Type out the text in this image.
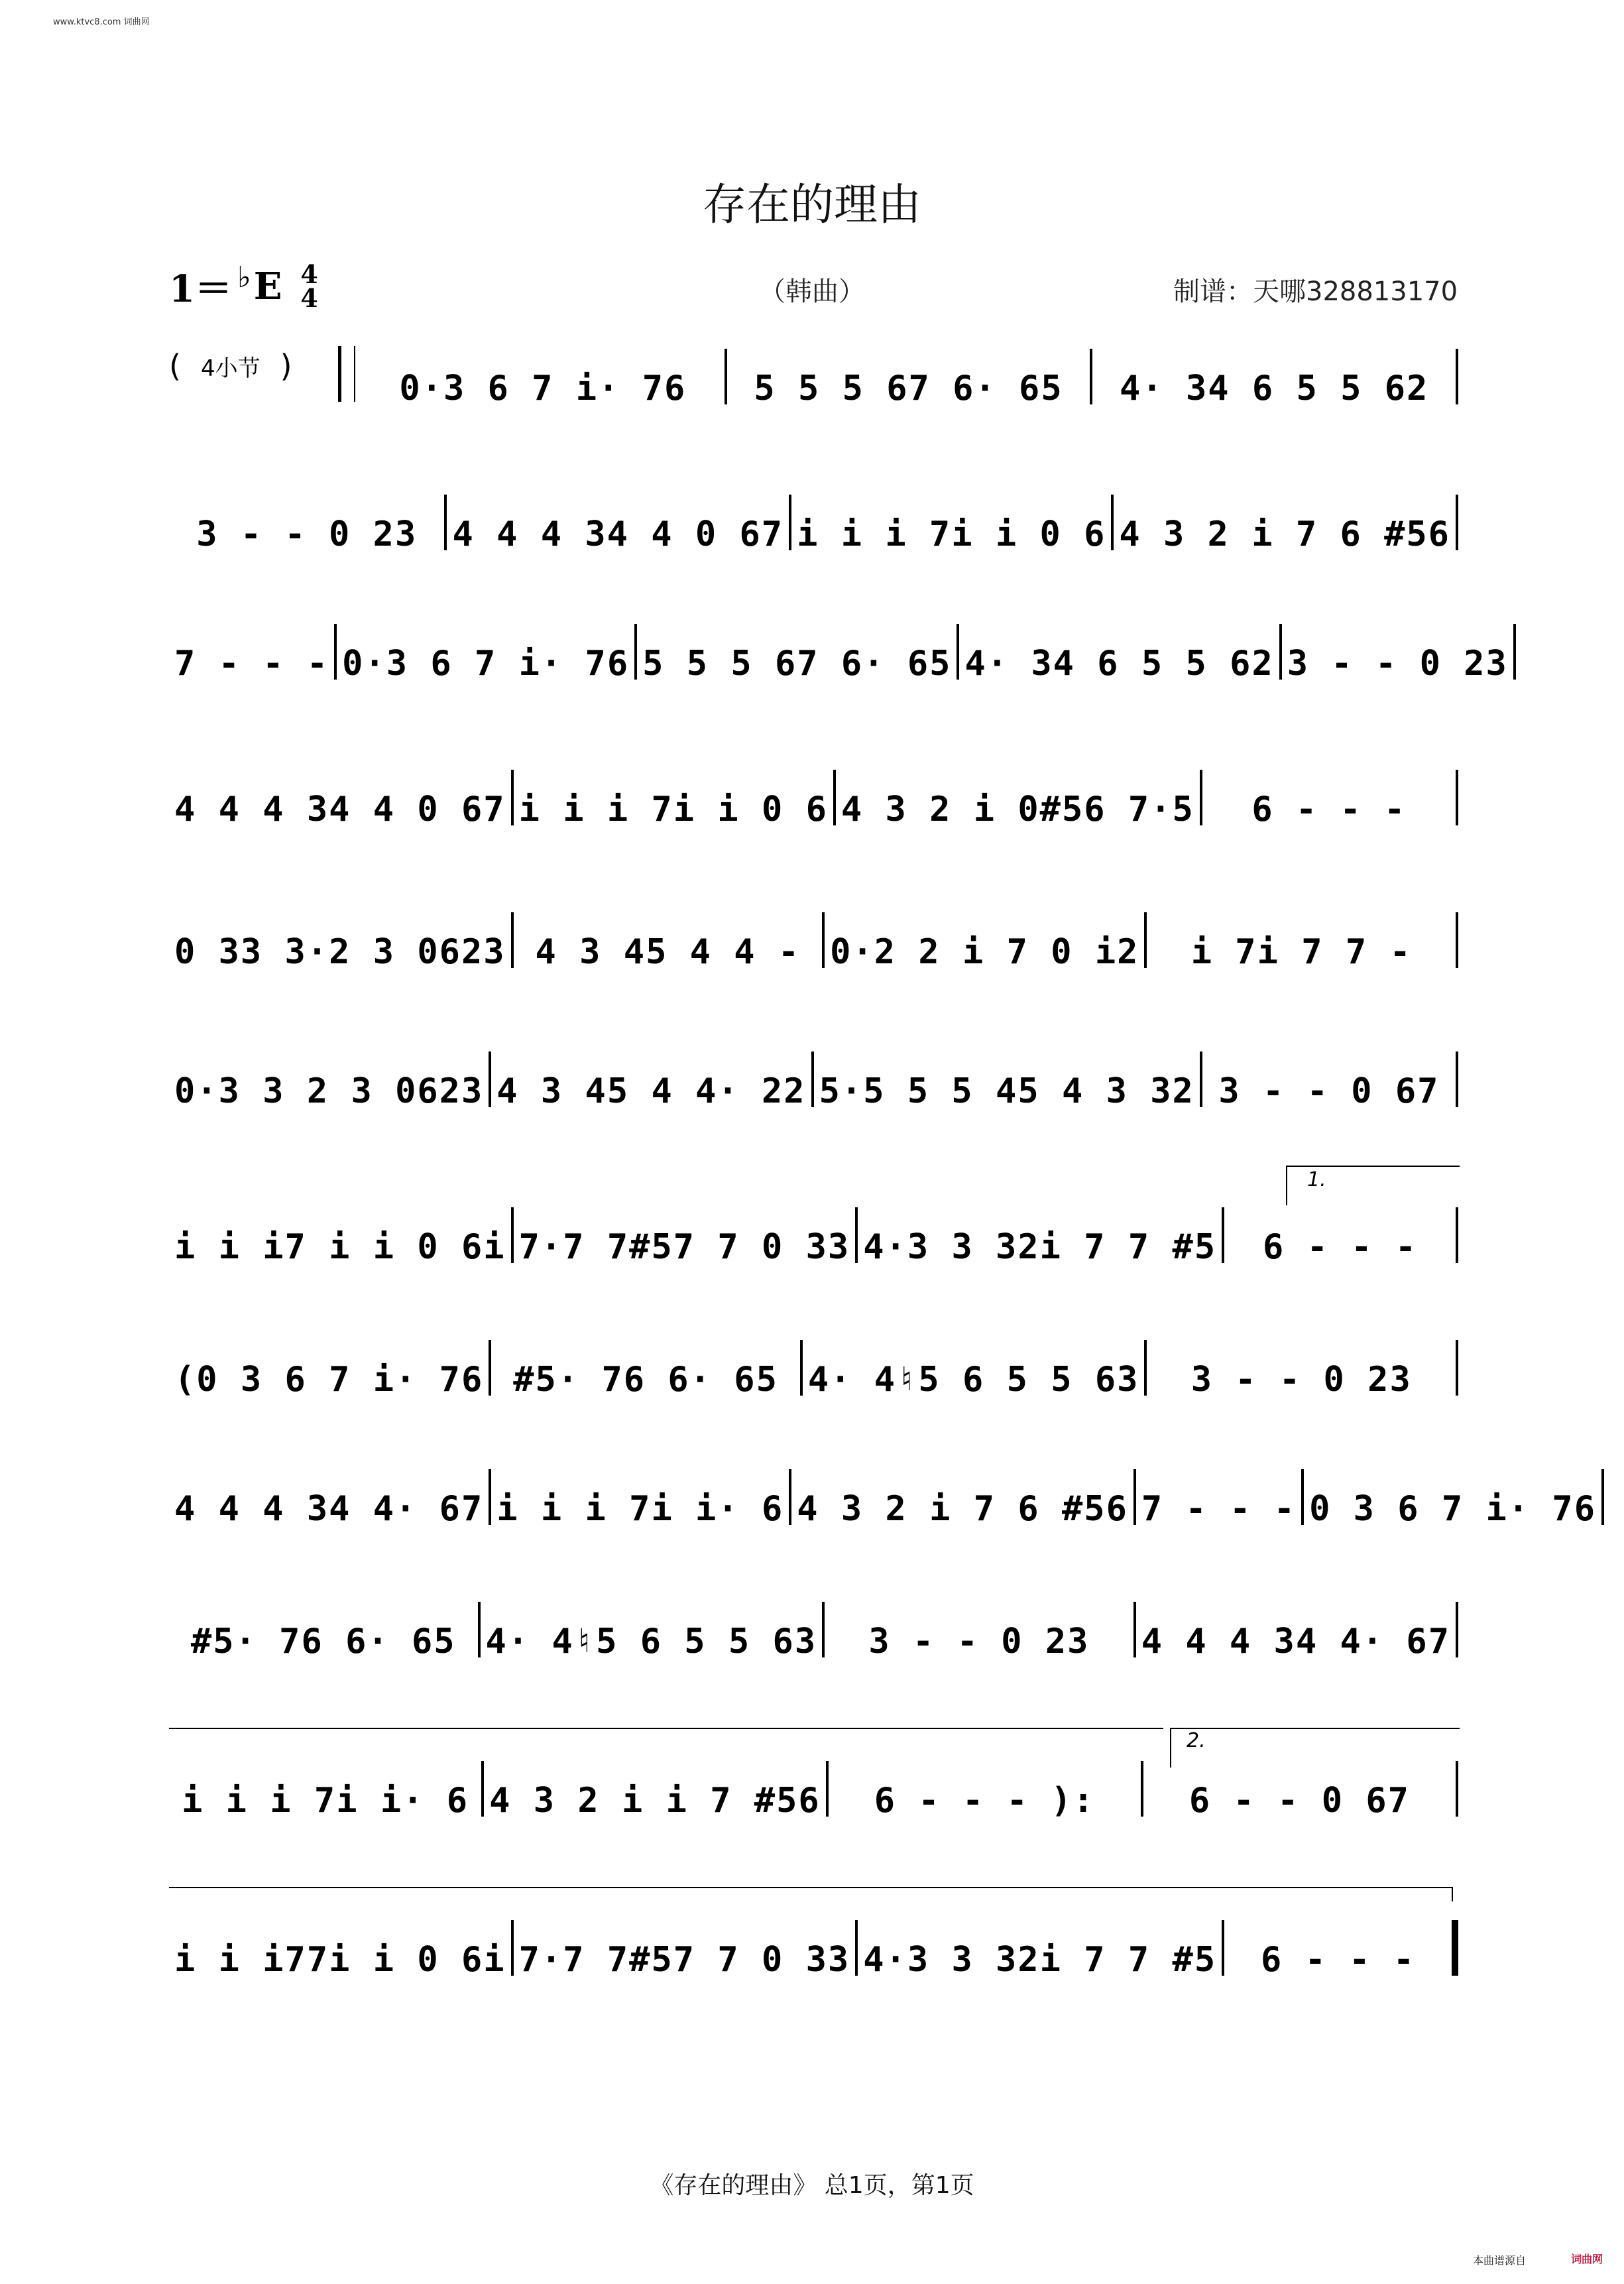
www.ktvc8.com 词曲网
存在的理由
1＝ ♭ E 4
4	（韩曲）	制谱：天哪328813170
( 4小节 )
0·3 6 7 i· 76 5 5 5 67 6· 65 4· 34 6 5 5 62
3 - - 0 23 4 4 4 34 4 0 67 i i i 7i i 0 6 4 3 2 i 7 6 #56
7 - - - 0·3 6 7 i· 76 5 5 5 67 6· 65 4· 34 6 5 5 62 3 - - 0 23
4 4 4 34 4 0 67 i i i 7i i 0 6 4 3 2 i 0#56 7·5 6 - - -
0 33 3·2 3 0623 4 3 45 4 4 - 0·2 2 i 7 0 i2 i 7i 7 7 -
0·3 3 2 3 0623 4 3 45 4 4· 22 5·5 5 5 45 4 3 32 3 - - 0 67
i i i7 i i 0 6i 7·7 7#57 7 0 33 4·3 3 32i 7 7 #5 6 - - -
(0 3 6 7 i· 76 #5· 76 6· 65 4· 4♮5 6 5 5 63 3 - - 0 23
4 4 4 34 4· 67 i i i 7i i· 6 4 3 2 i 7 6 #56 7 - - - 0 3 6 7 i· 76
#5· 76 6· 65 4· 4♮5 6 5 5 63 3 - - 0 23 4 4 4 34 4· 67
i i i 7i i· 6 4 3 2 i i 7 #56 6 - - - ):	6 - - 0 67
i i i77i i 0 6i 7·7 7#57 7 0 33 4·3 3 32i 7 7 #5 6 - - -
1.
2.
《存在的理由》 总1页，第1页
本曲谱源自	词曲网
